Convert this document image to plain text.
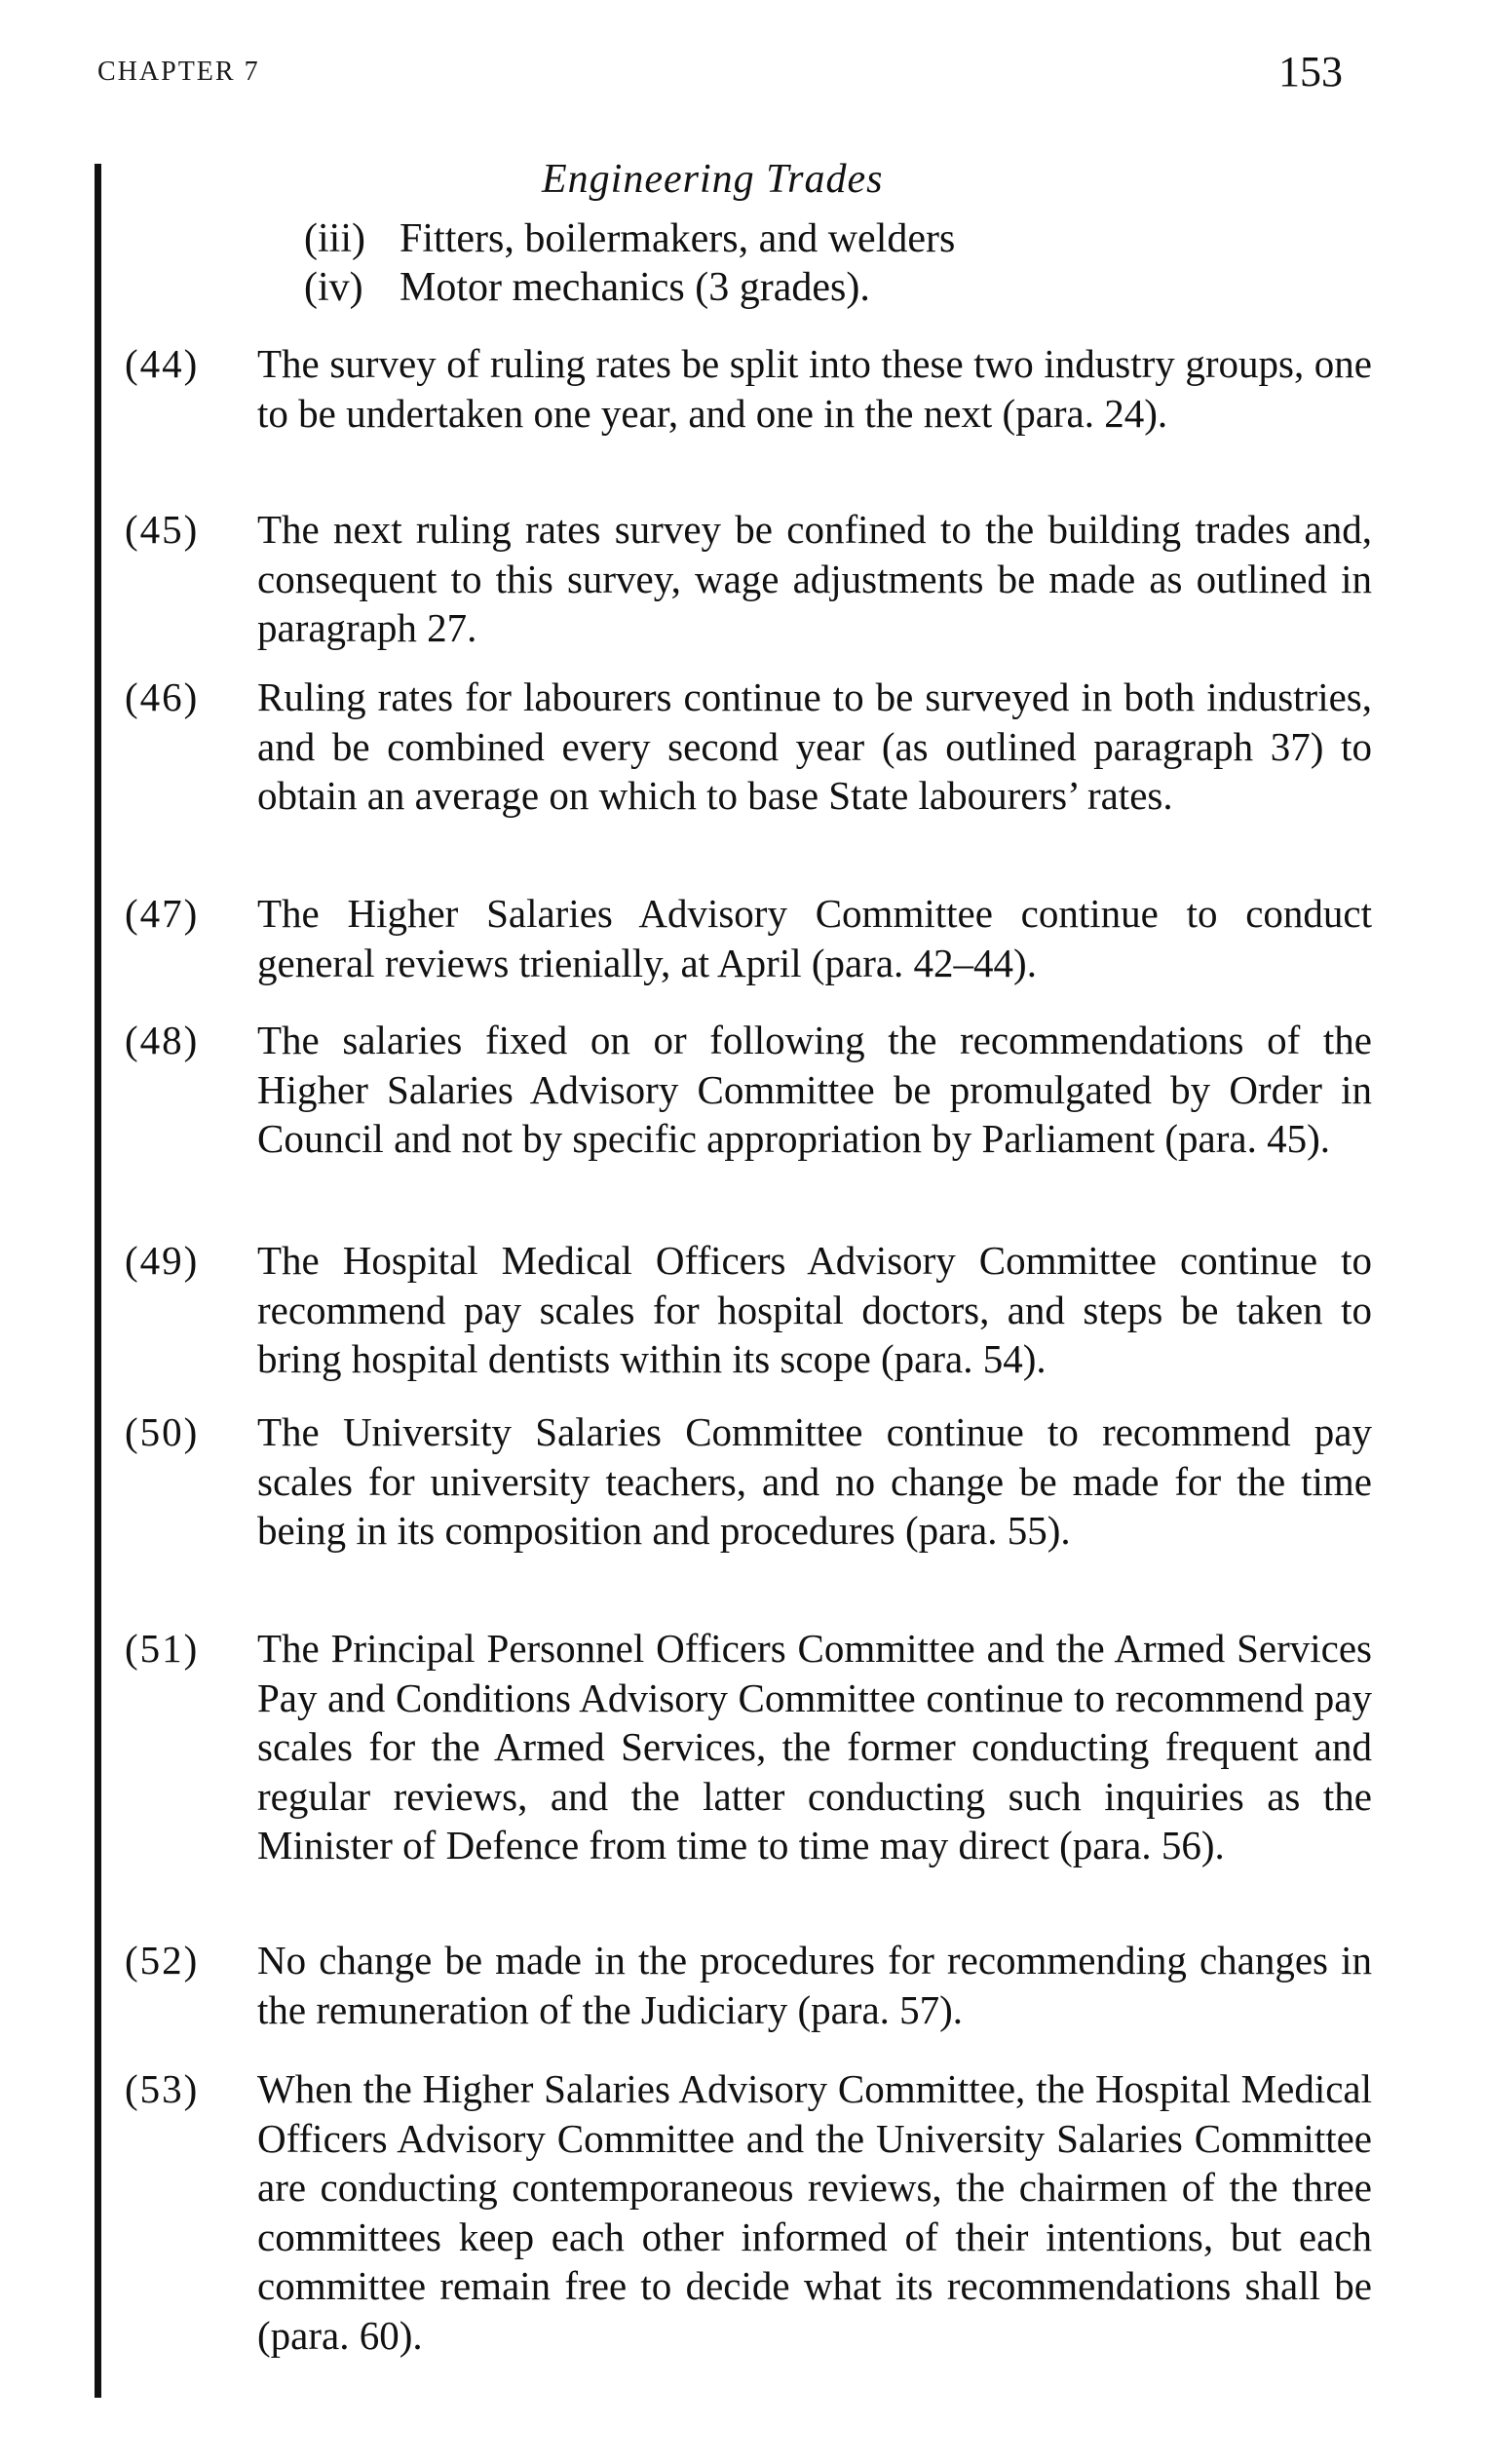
CHAPTER 7	153
Engineering Trades
(iii) Fitters, boilermakers, and welders
(iv) Motor mechanics (3 grades).
(44)	The survey of ruling rates be split into these two industry groups, one to be undertaken one year, and one in the next (para. 24).
(45)	The next ruling rates survey be confined to the building trades and, consequent to this survey, wage adjustments be made as outlined in paragraph 27.
(46)	Ruling rates for labourers continue to be surveyed in both industries, and be combined every second year (as outlined paragraph 37) to obtain an average on which to base State labourers’ rates.
(47)	The Higher Salaries Advisory Committee continue to conduct general reviews trienially, at April (para. 42–44).
(48)	The salaries fixed on or following the recommendations of the Higher Salaries Advisory Committee be promulgated by Order in Council and not by specific appropriation by Parliament (para. 45).
(49)	The Hospital Medical Officers Advisory Committee continue to recommend pay scales for hospital doctors, and steps be taken to bring hospital dentists within its scope (para. 54).
(50)	The University Salaries Committee continue to recommend pay scales for university teachers, and no change be made for the time being in its composition and procedures (para. 55).
(51)	The Principal Personnel Officers Committee and the Armed Services Pay and Conditions Advisory Committee continue to recommend pay scales for the Armed Services, the former conducting frequent and regular reviews, and the latter conducting such inquiries as the Minister of Defence from time to time may direct (para. 56).
(52)	No change be made in the procedures for recommending changes in the remuneration of the Judiciary (para. 57).
(53)	When the Higher Salaries Advisory Committee, the Hospital Medical Officers Advisory Committee and the University Salaries Committee are conducting contemporaneous reviews, the chairmen of the three committees keep each other informed of their intentions, but each committee remain free to decide what its recommendations shall be (para. 60).
